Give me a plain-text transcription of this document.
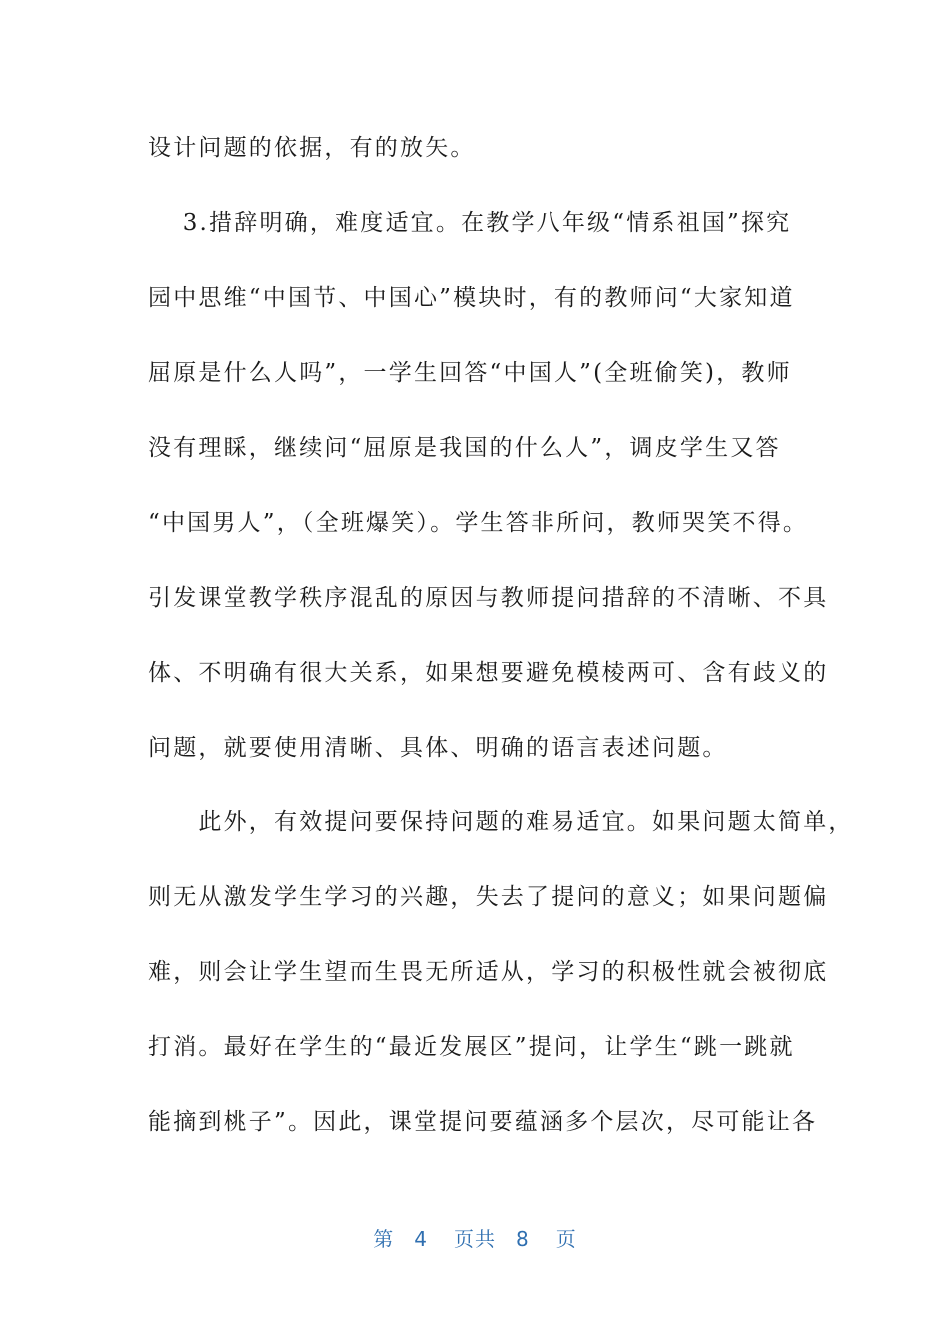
设计问题的依据，有的放矢。
　 3.措辞明确，难度适宜。在教学八年级“情系祖国”探究
园中思维“中国节、中国心”模块时，有的教师问“大家知道
屈原是什么人吗”，一学生回答“中国人”(全班偷笑)，教师
没有理睬，继续问“屈原是我国的什么人”，调皮学生又答
“中国男人”，（全班爆笑）。学生答非所问，教师哭笑不得。
引发课堂教学秩序混乱的原因与教师提问措辞的不清晰、不具
体、不明确有很大关系，如果想要避免模棱两可、含有歧义的
问题，就要使用清晰、具体、明确的语言表述问题。
　　此外，有效提问要保持问题的难易适宜。如果问题太简单，
则无从激发学生学习的兴趣，失去了提问的意义；如果问题偏
难，则会让学生望而生畏无所适从，学习的积极性就会被彻底
打消。最好在学生的“最近发展区”提问，让学生“跳一跳就
能摘到桃子”。因此，课堂提问要蕴涵多个层次，尽可能让各
第 4 页共 8 页
